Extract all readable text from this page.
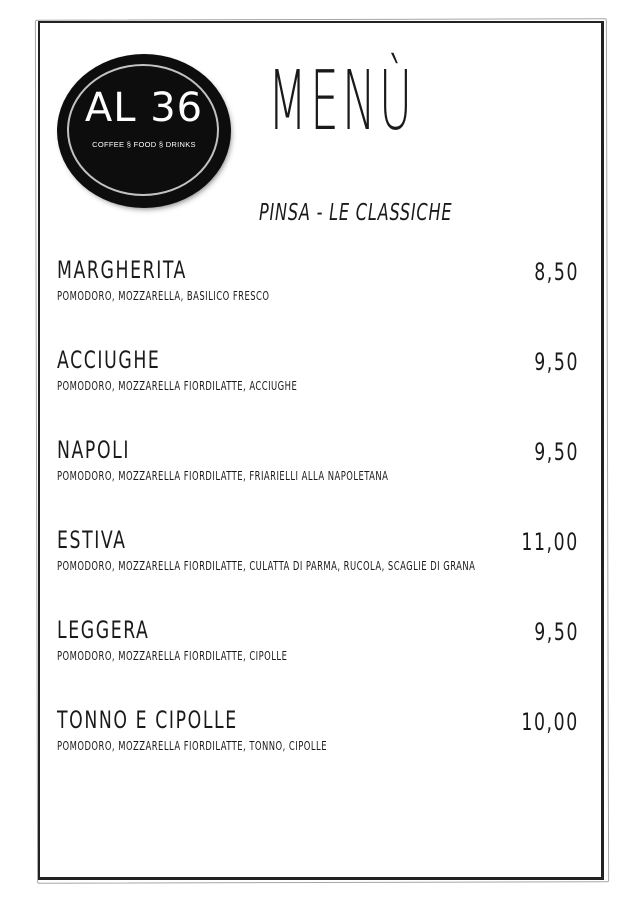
AL 36
COFFEE § FOOD § DRINKS MENÙ
PINSA - LE CLASSICHE
MARGHERITA
POMODORO, MOZZARELLA, BASILICO FRESCO
8,50
ACCIUGHE
POMODORO, MOZZARELLA FIORDILATTE, ACCIUGHE
9,50
NAPOLI
POMODORO, MOZZARELLA FIORDILATTE, FRIARIELLI ALLA NAPOLETANA
9,50
ESTIVA
POMODORO, MOZZARELLA FIORDILATTE, CULATTA DI PARMA, RUCOLA, SCAGLIE DI GRANA
11,00
LEGGERA
POMODORO, MOZZARELLA FIORDILATTE, CIPOLLE
9,50
TONNO E CIPOLLE
POMODORO, MOZZARELLA FIORDILATTE, TONNO, CIPOLLE
10,00
